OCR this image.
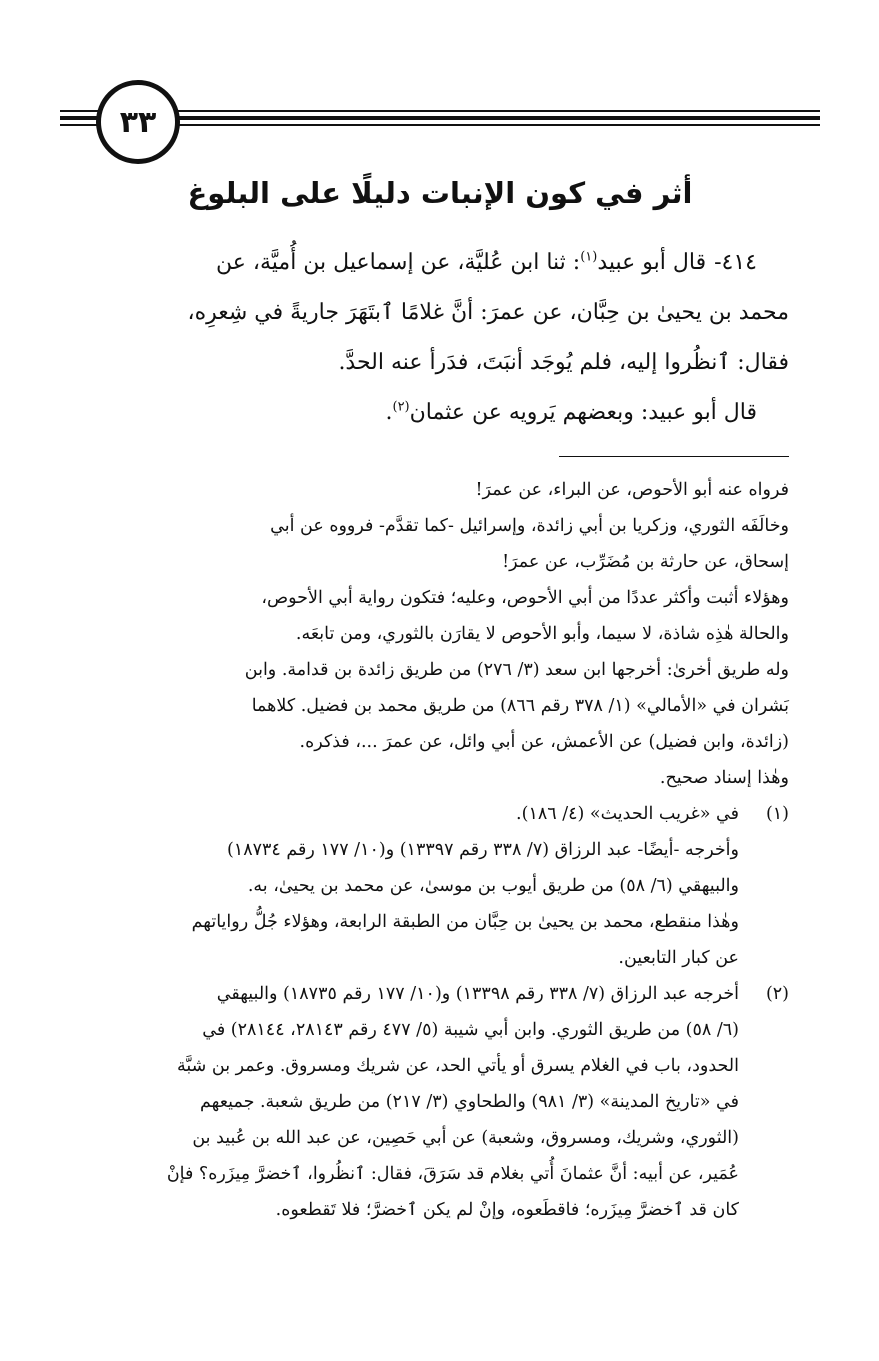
٣٣
أثر في كون الإنبات دليلًا على البلوغ

٤١٤-قال أبو عبيد$^{(١)}$: ثنا ابن عُليَّة، عن إسماعيل بن أُميَّة، عن

محمد بن يحيىٰ بن حِبَّان، عن عمرَ: أنَّ غلامًا ٱبتَهَرَ جاريةً في شِعرِه،

فقال: ٱنظُروا إليه، فلم يُوجَد أنبَتَ، فدَرأ عنه الحدَّ.

قال أبو عبيد: وبعضهم يَرويه عن عثمان$^{(٢)}$.

فرواه عنه أبو الأحوص، عن البراء، عن عمرَ!

وخالَفَه الثوري، وزكريا بن أبي زائدة، وإسرائيل -كما تقدَّم- فرووه عن أبي

إسحاق، عن حارثة بن مُضَرِّب، عن عمرَ!

وهؤلاء أثبت وأكثر عددًا من أبي الأحوص، وعليه؛ فتكون رواية أبي الأحوص،

والحالة هٰذِه شاذة، لا سيما، وأبو الأحوص لا يقارَن بالثوري، ومن تابعَه.

وله طريق أخرىٰ: أخرجها ابن سعد (٣/ ٢٧٦) من طريق زائدة بن قدامة. وابن

بَشران في «الأمالي» (١/ ٣٧٨ رقم ٨٦٦) من طريق محمد بن فضيل. كلاهما

(زائدة، وابن فضيل) عن الأعمش، عن أبي وائل، عن عمرَ ...، فذكره.

وهٰذا إسناد صحيح.

(١)

في «غريب الحديث» (٤/ ١٨٦).

وأخرجه -أيضًا- عبد الرزاق (٧/ ٣٣٨ رقم ١٣٣٩٧) و(١٠/ ١٧٧ رقم ١٨٧٣٤)

والبيهقي (٦/ ٥٨) من طريق أيوب بن موسىٰ، عن محمد بن يحيىٰ، به.

وهٰذا منقطع، محمد بن يحيىٰ بن حِبَّان من الطبقة الرابعة، وهؤلاء جُلُّ رواياتهم

عن كبار التابعين.

(٢)

أخرجه عبد الرزاق (٧/ ٣٣٨ رقم ١٣٣٩٨) و(١٠/ ١٧٧ رقم ١٨٧٣٥) والبيهقي

(٦/ ٥٨) من طريق الثوري. وابن أبي شيبة (٥/ ٤٧٧ رقم ٢٨١٤٣، ٢٨١٤٤) في

الحدود، باب في الغلام يسرق أو يأتي الحد، عن شريك ومسروق. وعمر بن شبَّة

في «تاريخ المدينة» (٣/ ٩٨١) والطحاوي (٣/ ٢١٧) من طريق شعبة. جميعهم

(الثوري، وشريك، ومسروق، وشعبة) عن أبي حَصِين، عن عبد الله بن عُبيد بن

عُمَير، عن أبيه: أنَّ عثمانَ أُتي بغلام قد سَرَقَ، فقال: ٱنظُروا، ٱخضرَّ مِيزَره؟ فإنْ

كان قد ٱخضرَّ مِيزَره؛ فاقطَعوه، وإنْ لم يكن ٱخضرَّ؛ فلا تَقطعوه.
